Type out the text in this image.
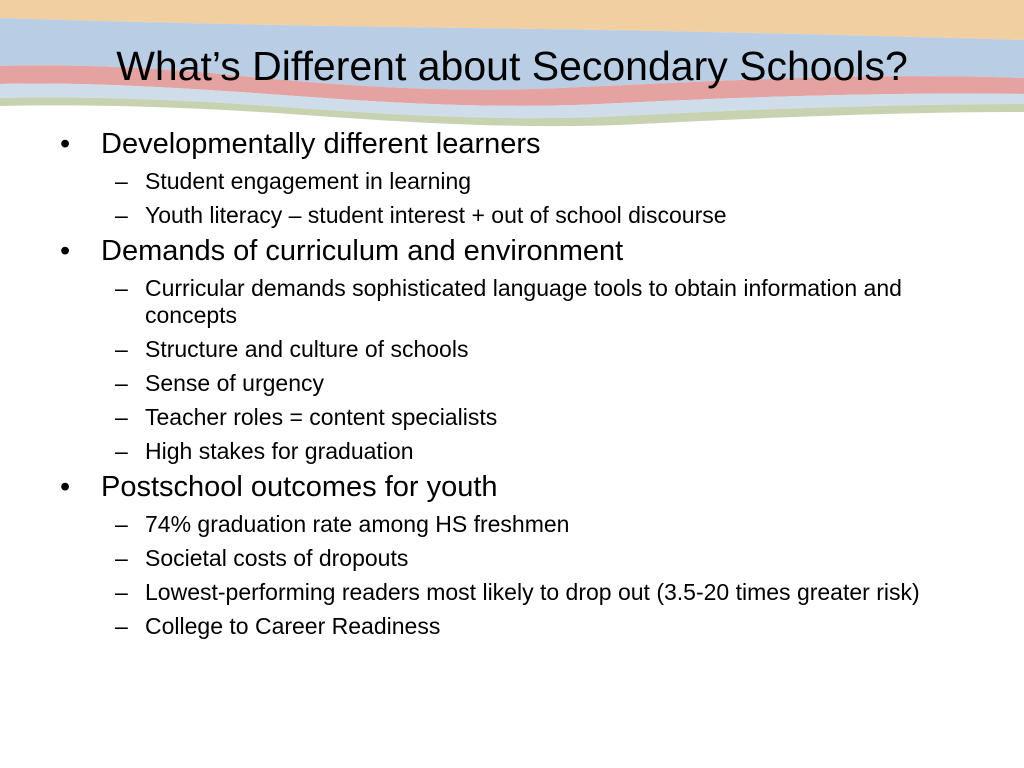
What’s Different about Secondary Schools?
• Developmentally different learners
– Student engagement in learning
– Youth literacy – student interest + out of school discourse
• Demands of curriculum and environment
– Curricular demands sophisticated language tools to obtain information and concepts
– Structure and culture of schools
– Sense of urgency
– Teacher roles = content specialists
– High stakes for graduation
• Postschool outcomes for youth
– 74% graduation rate among HS freshmen
– Societal costs of dropouts
– Lowest-performing readers most likely to drop out (3.5-20 times greater risk)
– College to Career Readiness
